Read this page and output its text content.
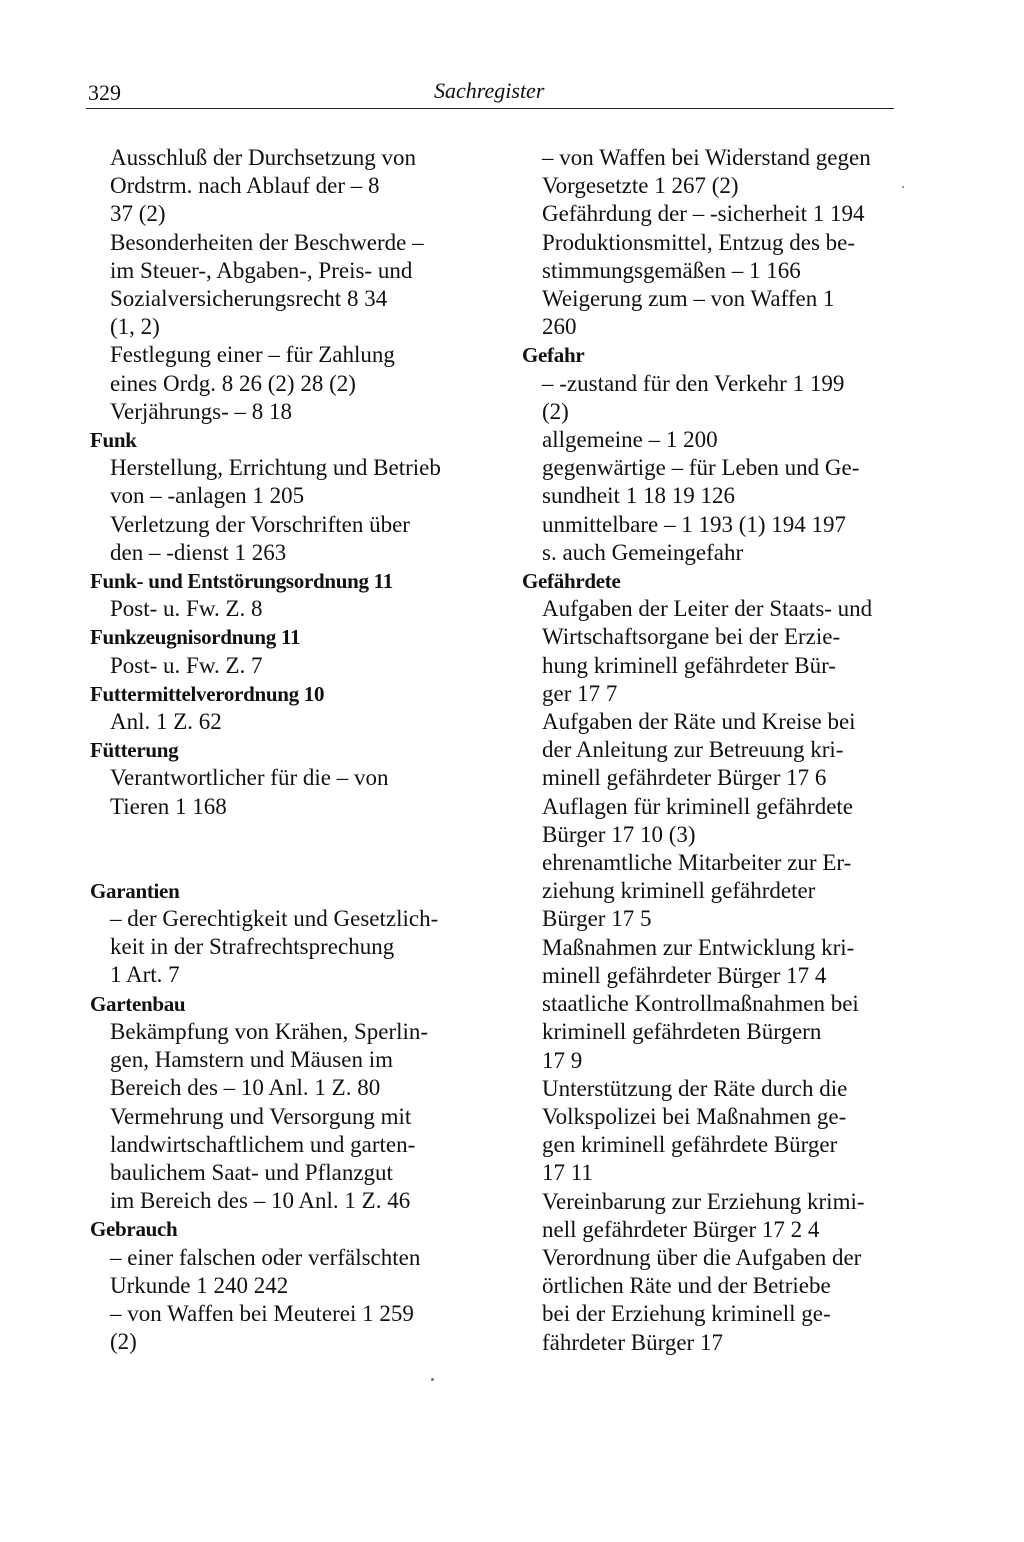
329	Sachregister
Ausschluß der Durchsetzung von
Ordstrm. nach Ablauf der – 8
37 (2)
Besonderheiten der Beschwerde –
im Steuer-, Abgaben-, Preis- und
Sozialversicherungsrecht 8 34
(1, 2)
Festlegung einer – für Zahlung
eines Ordg. 8 26 (2) 28 (2)
Verjährungs- – 8 18
Funk
Herstellung, Errichtung und Betrieb
von – -anlagen 1 205
Verletzung der Vorschriften über
den – -dienst 1 263
Funk- und Entstörungsordnung 11
Post- u. Fw. Z. 8
Funkzeugnisordnung 11
Post- u. Fw. Z. 7
Futtermittelverordnung 10
Anl. 1 Z. 62
Fütterung
Verantwortlicher für die – von
Tieren 1 168
Garantien
– der Gerechtigkeit und Gesetzlich-
keit in der Strafrechtsprechung
1 Art. 7
Gartenbau
Bekämpfung von Krähen, Sperlin-
gen, Hamstern und Mäusen im
Bereich des – 10 Anl. 1 Z. 80
Vermehrung und Versorgung mit
landwirtschaftlichem und garten-
baulichem Saat- und Pflanzgut
im Bereich des – 10 Anl. 1 Z. 46
Gebrauch
– einer falschen oder verfälschten
Urkunde 1 240 242
– von Waffen bei Meuterei 1 259
(2)
– von Waffen bei Widerstand gegen
Vorgesetzte 1 267 (2)
Gefährdung der – -sicherheit 1 194
Produktionsmittel, Entzug des be-
stimmungsgemäßen – 1 166
Weigerung zum – von Waffen 1
260
Gefahr
– -zustand für den Verkehr 1 199
(2)
allgemeine – 1 200
gegenwärtige – für Leben und Ge-
sundheit 1 18 19 126
unmittelbare – 1 193 (1) 194 197
s. auch Gemeingefahr
Gefährdete
Aufgaben der Leiter der Staats- und
Wirtschaftsorgane bei der Erzie-
hung kriminell gefährdeter Bür-
ger 17 7
Aufgaben der Räte und Kreise bei
der Anleitung zur Betreuung kri-
minell gefährdeter Bürger 17 6
Auflagen für kriminell gefährdete
Bürger 17 10 (3)
ehrenamtliche Mitarbeiter zur Er-
ziehung kriminell gefährdeter
Bürger 17 5
Maßnahmen zur Entwicklung kri-
minell gefährdeter Bürger 17 4
staatliche Kontrollmaßnahmen bei
kriminell gefährdeten Bürgern
17 9
Unterstützung der Räte durch die
Volkspolizei bei Maßnahmen ge-
gen kriminell gefährdete Bürger
17 11
Vereinbarung zur Erziehung krimi-
nell gefährdeter Bürger 17 2 4
Verordnung über die Aufgaben der
örtlichen Räte und der Betriebe
bei der Erziehung kriminell ge-
fährdeter Bürger 17
